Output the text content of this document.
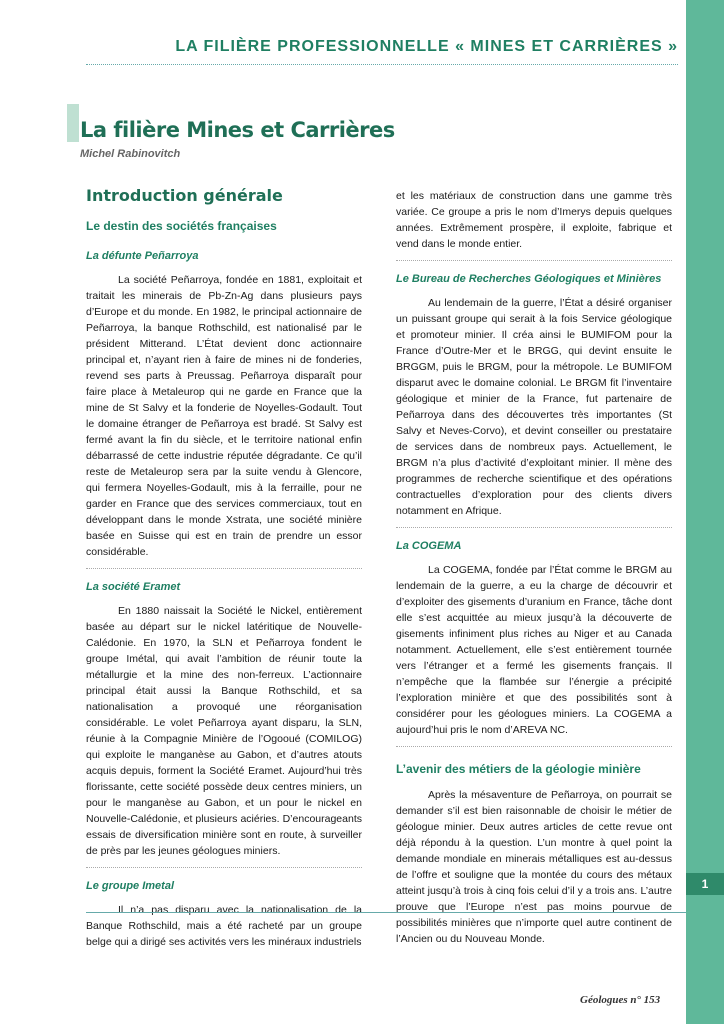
1
LA FILIÈRE PROFESSIONNELLE « MINES ET CARRIÈRES »
La filière Mines et Carrières
Michel Rabinovitch
Introduction générale
Le destin des sociétés françaises
La défunte Peñarroya

La société Peñarroya, fondée en 1881, exploitait et traitait les minerais de Pb-Zn-Ag dans plusieurs pays d’Europe et du monde. En 1982, le principal actionnaire de Peñarroya, la banque Rothschild, est nationalisé par le président Mitterand. L’État devient donc actionnaire principal et, n’ayant rien à faire de mines ni de fonderies, revend ses parts à Preussag. Peñarroya disparaît pour faire place à Metaleurop qui ne garde en France que la mine de St Salvy et la fonderie de Noyelles-Godault. Tout le domaine étranger de Peñarroya est bradé. St Salvy est fermé avant la fin du siècle, et le territoire national enfin débarrassé de cette industrie réputée dégradante. Ce qu’il reste de Metaleurop sera par la suite vendu à Glencore, qui fermera Noyelles-Godault, mis à la ferraille, pour ne garder en France que des services commerciaux, tout en développant dans le monde Xstrata, une société minière basée en Suisse qui est en train de prendre un essor considérable.

La société Eramet

En 1880 naissait la Société le Nickel, entièrement basée au départ sur le nickel latéritique de Nouvelle-Calédonie. En 1970, la SLN et Peñarroya fondent le groupe Imétal, qui avait l’ambition de réunir toute la métallurgie et la mine des non-ferreux. L’actionnaire principal était aussi la Banque Rothschild, et sa nationalisation a provoqué une réorganisation considérable. Le volet Peñarroya ayant disparu, la SLN, réunie à la Compagnie Minière de l’Ogooué (COMILOG) qui exploite le manganèse au Gabon, et d’autres atouts acquis depuis, forment la Société Eramet. Aujourd’hui très florissante, cette société possède deux centres miniers, un pour le manganèse au Gabon, et un pour le nickel en Nouvelle-Calédonie, et plusieurs aciéries. D’encourageants essais de diversification minière sont en route, à surveiller de près par les jeunes géologues miniers.

Le groupe Imetal

Il n’a pas disparu avec la nationalisation de la Banque Rothschild, mais a été racheté par un groupe belge qui a dirigé ses activités vers les minéraux industriels

et les matériaux de construction dans une gamme très variée. Ce groupe a pris le nom d’Imerys depuis quelques années. Extrêmement prospère, il exploite, fabrique et vend dans le monde entier.

Le Bureau de Recherches Géologiques et Minières

Au lendemain de la guerre, l’État a désiré organiser un puissant groupe qui serait à la fois Service géologique et promoteur minier. Il créa ainsi le BUMIFOM pour la France d’Outre-Mer et le BRGG, qui devint ensuite le BRGGM, puis le BRGM, pour la métropole. Le BUMIFOM disparut avec le domaine colonial. Le BRGM fit l’inventaire géologique et minier de la France, fut partenaire de Peñarroya dans des découvertes très importantes (St Salvy et Neves-Corvo), et devint conseiller ou prestataire de services dans de nombreux pays. Actuellement, le BRGM n’a plus d’activité d’exploitant minier. Il mène des programmes de recherche scientifique et des opérations contractuelles d’exploration pour des clients divers notamment en Afrique.

La COGEMA

La COGEMA, fondée par l’État comme le BRGM au lendemain de la guerre, a eu la charge de découvrir et d’exploiter des gisements d’uranium en France, tâche dont elle s’est acquittée au mieux jusqu’à la découverte de gisements infiniment plus riches au Niger et au Canada notamment. Actuellement, elle s’est entièrement tournée vers l’étranger et a fermé les gisements français. Il n’empêche que la flambée sur l’énergie a précipité l’exploration minière et que des possibilités sont à considérer pour les géologues miniers. La COGEMA a aujourd’hui pris le nom d’AREVA NC.

L’avenir des métiers de la géologie minière

Après la mésaventure de Peñarroya, on pourrait se demander s’il est bien raisonnable de choisir le métier de géologue minier. Deux autres articles de cette revue ont déjà répondu à la question. L’un montre à quel point la demande mondiale en minerais métalliques est au-dessus de l’offre et souligne que la montée du cours des métaux atteint jusqu’à trois à cinq fois celui d’il y a trois ans. L’autre prouve que l’Europe n’est pas moins pourvue de possibilités minières que n’importe quel autre continent de l’Ancien ou du Nouveau Monde.

Géologues n° 153
